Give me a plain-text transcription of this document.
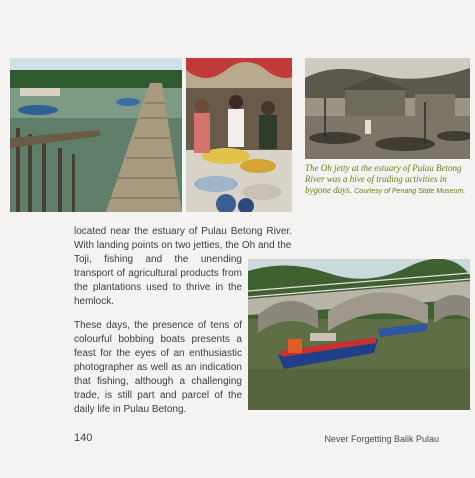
The Oh jetty at the estuary of Pulau Betong River was a hive of trading activities in bygone days. Courtesy of Penang State Museum.
located near the estuary of Pulau Betong River. With landing points on two jetties, the Oh and the
Toji, fishing and the unending transport of agricultural products from the plantations used to thrive in the hemlock.
These days, the presence of tens of colourful bobbing boats presents a feast for the eyes of an enthusiastic photographer as well as an indication that fishing, although a challenging trade, is still part and parcel of the daily life in Pulau Betong.
140	Never Forgetting Balik Pulau
